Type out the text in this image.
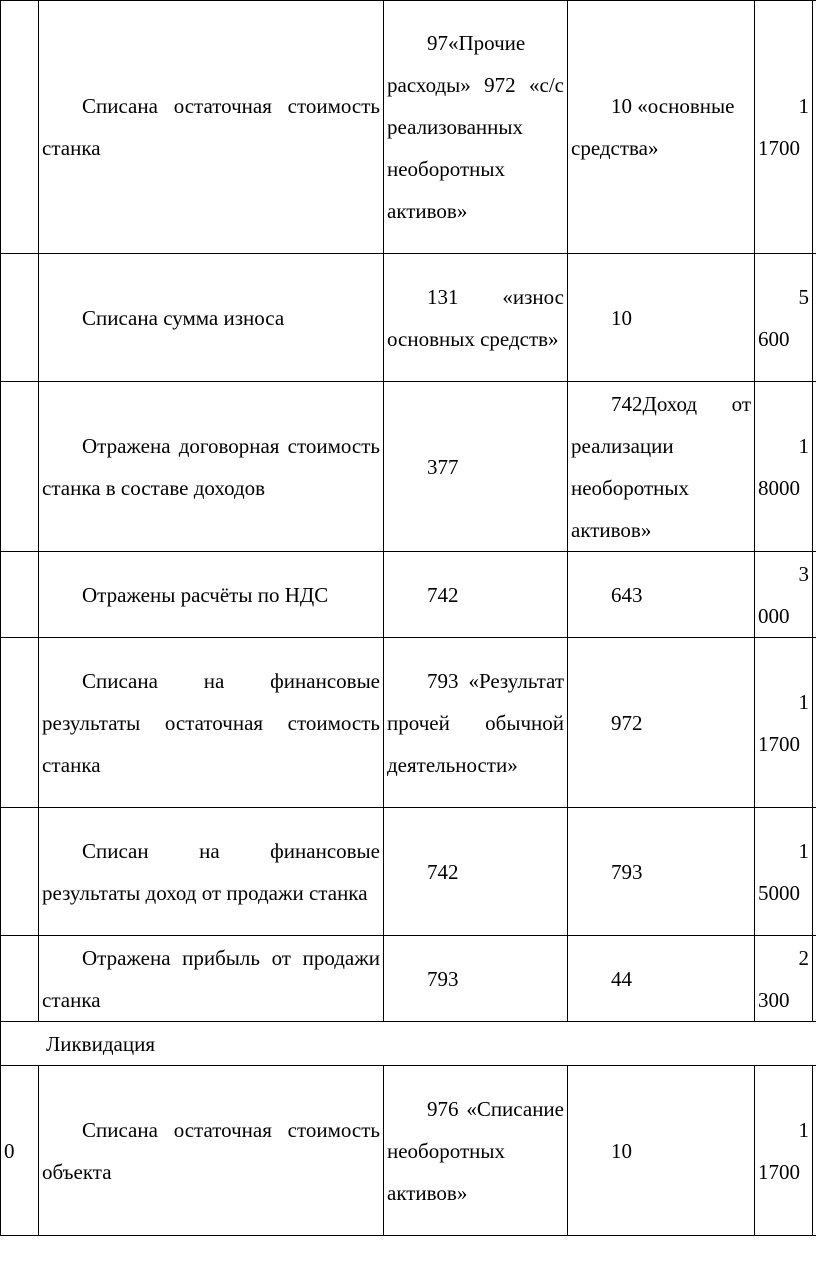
	Списана остаточная стоимость станка	97«Прочие расходы» 972 «с/с реализованных необоротных активов»	10 «основные средства»	1
1700	

	Списана сумма износа	131 «износ основных средств»	10	5
600	

	Отражена договорная стоимость станка в составе доходов	377	742Доход от реализации необоротных активов»	1
8000	

	Отражены расчёты по НДС	742	643	3
000	

	Списана на финансовые результаты остаточная стоимость станка	793 «Результат прочей обычной деятельности»	972	1
1700	

	Списан на финансовые результаты доход от продажи станка	742	793	1
5000	

	Отражена прибыль от продажи станка	793	44	2
300	

Ликвидация					
0	Списана остаточная стоимость объекта	976 «Списание необоротных активов»	10	1
1700	
